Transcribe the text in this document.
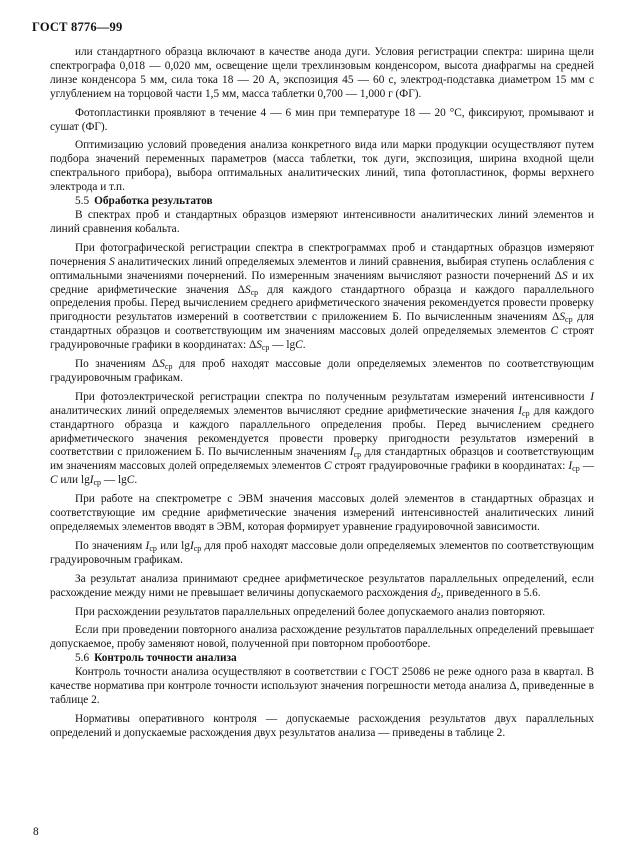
ГОСТ 8776—99

или стандартного образца включают в качестве анода дуги. Условия регистрации спектра: ширина щели спектрографа 0,018 — 0,020 мм, освещение щели трехлинзовым конденсором, высота диафрагмы на средней линзе конденсора 5 мм, сила тока 18 — 20 А, экспозиция 45 — 60 с, электрод-подставка диаметром 15 мм с углублением на торцовой части 1,5 мм, масса таблетки 0,700 — 1,000 г (ФГ).

Фотопластинки проявляют в течение 4 — 6 мин при температуре 18 — 20 °С, фиксируют, промывают и сушат (ФГ).

Оптимизацию условий проведения анализа конкретного вида или марки продукции осуществляют путем подбора значений переменных параметров (масса таблетки, ток дуги, экспозиция, ширина входной щели спектрального прибора), выбора оптимальных аналитических линий, типа фотопластинок, формы верхнего электрода и т.п.

5.5 Обработка результатов

В спектрах проб и стандартных образцов измеряют интенсивности аналитических линий элементов и линий сравнения кобальта.

При фотографической регистрации спектра в спектрограммах проб и стандартных образцов измеряют почернения S аналитических линий определяемых элементов и линий сравнения, выбирая ступень ослабления с оптимальными значениями почернений. По измеренным значениям вычисляют разности почернений ΔS и их средние арифметические значения $\Delta S_{ср}$ для каждого стандартного образца и каждого параллельного определения пробы. Перед вычислением среднего арифметического значения рекомендуется провести проверку пригодности результатов измерений в соответствии с приложением Б. По вычисленным значениям $\Delta S_{ср}$ для стандартных образцов и соответствующим им значениям массовых долей определяемых элементов C строят градуировочные графики в координатах: $\Delta S_{ср}$ — lgC.

По значениям $\Delta S_{ср}$ для проб находят массовые доли определяемых элементов по соответствующим градуировочным графикам.

При фотоэлектрической регистрации спектра по полученным результатам измерений интенсивности I аналитических линий определяемых элементов вычисляют средние арифметические значения $I_{ср}$ для каждого стандартного образца и каждого параллельного определения пробы. Перед вычислением среднего арифметического значения рекомендуется провести проверку пригодности результатов измерений в соответствии с приложением Б. По вычисленным значениям $I_{ср}$ для стандартных образцов и соответствующим им значениям массовых долей определяемых элементов C строят градуировочные графики в координатах: $I_{ср}$ — C или lgI$_{ср}$ — lgC.

При работе на спектрометре с ЭВМ значения массовых долей элементов в стандартных образцах и соответствующие им средние арифметические значения измерений интенсивностей аналитических линий определяемых элементов вводят в ЭВМ, которая формирует уравнение градуировочной зависимости.

По значениям $I_{ср}$ или lgI$_{ср}$ для проб находят массовые доли определяемых элементов по соответствующим градуировочным графикам.

За результат анализа принимают среднее арифметическое результатов параллельных определений, если расхождение между ними не превышает величины допускаемого расхождения $d_2$, приведенного в 5.6.

При расхождении результатов параллельных определений более допускаемого анализ повторяют.

Если при проведении повторного анализа расхождение результатов параллельных определений превышает допускаемое, пробу заменяют новой, полученной при повторном пробоотборе.

5.6 Контроль точности анализа

Контроль точности анализа осуществляют в соответствии с ГОСТ 25086 не реже одного раза в квартал. В качестве норматива при контроле точности используют значения погрешности метода анализа Δ, приведенные в таблице 2.

Нормативы оперативного контроля — допускаемые расхождения результатов двух параллельных определений и допускаемые расхождения двух результатов анализа — приведены в таблице 2.

8
